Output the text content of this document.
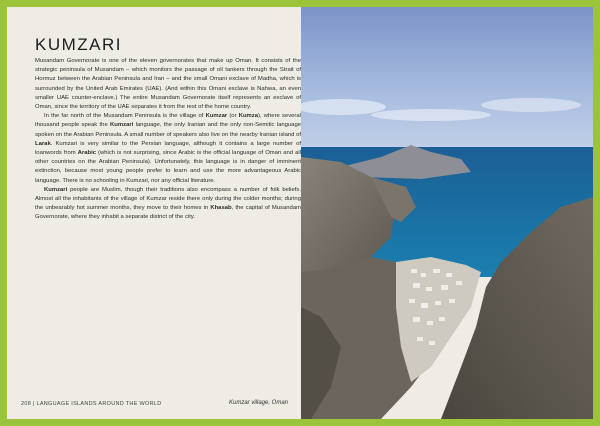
KUMZARI

Musandam Governorate is one of the eleven governorates that make up Oman. It consists of the strategic peninsula of Musandam – which monitors the passage of oil tankers through the Strait of Hormuz between the Arabian Peninsula and Iran – and the small Omani exclave of Madha, which is surrounded by the United Arab Emirates (UAE). (And within this Omani exclave is Nahwa, an even smaller UAE counter-enclave.) The entire Musandam Governorate itself represents an exclave of Oman, since the territory of the UAE separates it from the rest of the home country.

In the far north of the Musandam Peninsula is the village of Kumzar (or Kumza), where several thousand people speak the Kumzari language, the only Iranian and the only non-Semitic language spoken on the Arabian Peninsula. A small number of speakers also live on the nearby Iranian island of Larak. Kumzari is very similar to the Persian language, although it contains a large number of loanwords from Arabic (which is not surprising, since Arabic is the official language of Oman and all other countries on the Arabian Peninsula). Unfortunately, this language is in danger of imminent extinction, because most young people prefer to learn and use the more advantageous Arabic language. There is no schooling in Kumzari, nor any official literature.

Kumzari people are Muslim, though their traditions also encompass a number of folk beliefs. Almost all the inhabitants of the village of Kumzar reside there only during the colder months; during the unbearably hot summer months, they move to their homes in Khasab, the capital of Musandam Governorate, where they inhabit a separate district of the city.

208 | LANGUAGE ISLANDS AROUND THE WORLD	Kumzar village, Oman
